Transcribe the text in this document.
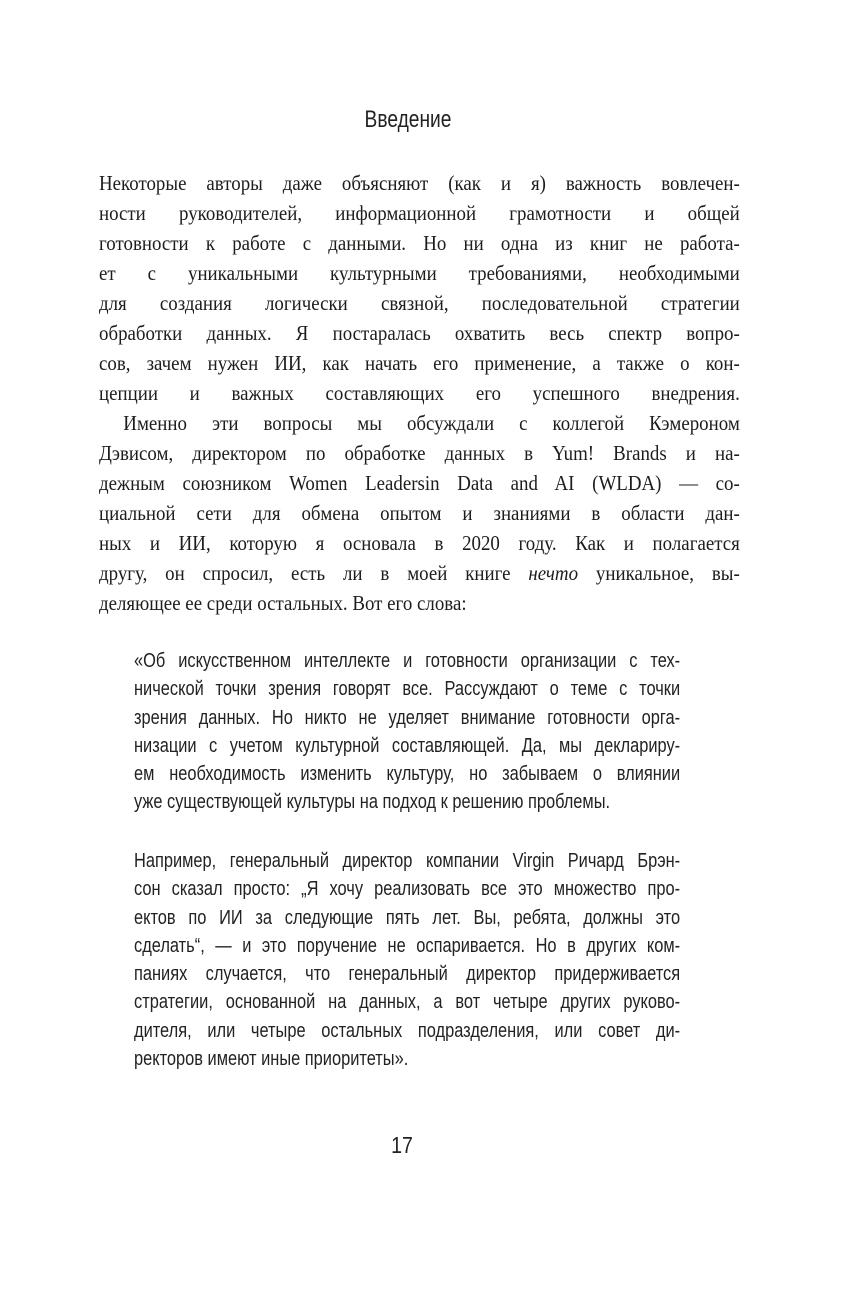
Введение
Некоторые авторы даже объясняют (как и я) важность вовлечен-
ности руководителей, информационной грамотности и общей
готовности к работе с данными. Но ни одна из книг не работа-
ет с уникальными культурными требованиями, необходимыми
для создания логически связной, последовательной стратегии
обработки данных. Я постаралась охватить весь спектр вопро-
сов, зачем нужен ИИ, как начать его применение, а также о кон-
цепции и важных составляющих его успешного внедрения.
Именно эти вопросы мы обсуждали с коллегой Кэмероном
Дэвисом, директором по обработке данных в Yum! Brands и на-
дежным союзником Women Leadersin Data and AI (WLDA) — со-
циальной сети для обмена опытом и знаниями в области дан-
ных и ИИ, которую я основала в 2020 году. Как и полагается
другу, он спросил, есть ли в моей книге нечто уникальное, вы-
деляющее ее среди остальных. Вот его слова:
«Об искусственном интеллекте и готовности организации с тех-
нической точки зрения говорят все. Рассуждают о теме с точки
зрения данных. Но никто не уделяет внимание готовности орга-
низации с учетом культурной составляющей. Да, мы деклариру-
ем необходимость изменить культуру, но забываем о влиянии
уже существующей культуры на подход к решению проблемы.
Например, генеральный директор компании Virgin Ричард Брэн-
сон сказал просто: „Я хочу реализовать все это множество про-
ектов по ИИ за следующие пять лет. Вы, ребята, должны это
сделать“, — и это поручение не оспаривается. Но в других ком-
паниях случается, что генеральный директор придерживается
стратегии, основанной на данных, а вот четыре других руково-
дителя, или четыре остальных подразделения, или совет ди-
ректоров имеют иные приоритеты».
17
